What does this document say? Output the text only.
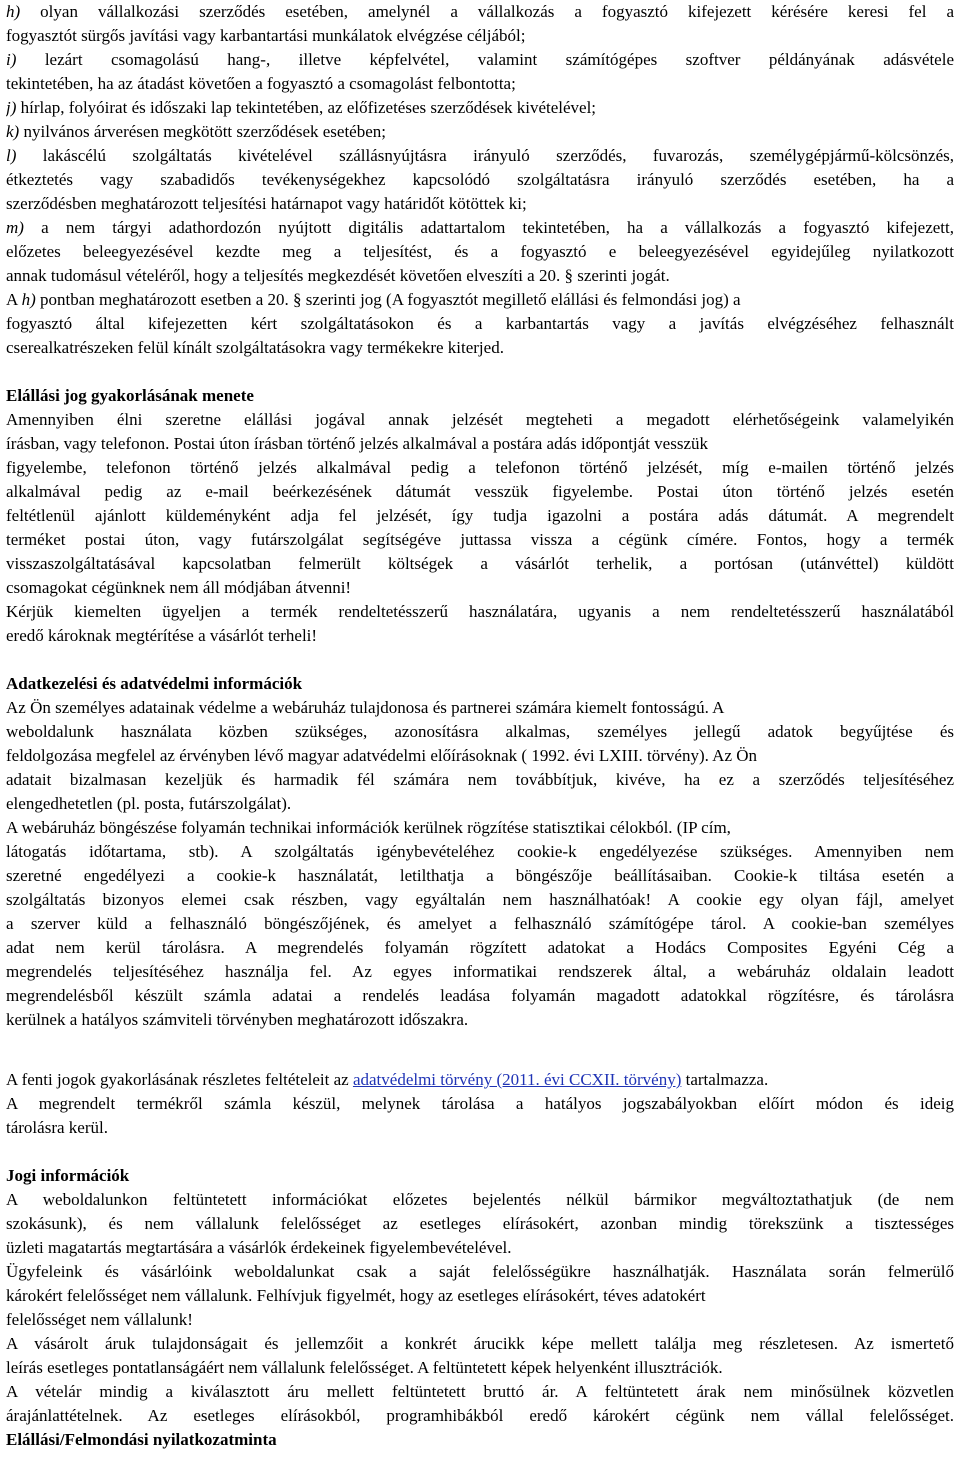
h) olyan vállalkozási szerződés esetében, amelynél a vállalkozás a fogyasztó kifejezett kérésére keresi fel a
fogyasztót sürgős javítási vagy karbantartási munkálatok elvégzése céljából;
i) lezárt csomagolású hang-, illetve képfelvétel, valamint számítógépes szoftver példányának adásvétele
tekintetében, ha az átadást követően a fogyasztó a csomagolást felbontotta;
j) hírlap, folyóirat és időszaki lap tekintetében, az előfizetéses szerződések kivételével;
k) nyilvános árverésen megkötött szerződések esetében;
l) lakáscélú szolgáltatás kivételével szállásnyújtásra irányuló szerződés, fuvarozás, személygépjármű-kölcsönzés,
étkeztetés vagy szabadidős tevékenységekhez kapcsolódó szolgáltatásra irányuló szerződés esetében, ha a
szerződésben meghatározott teljesítési határnapot vagy határidőt kötöttek ki;
m) a nem tárgyi adathordozón nyújtott digitális adattartalom tekintetében, ha a vállalkozás a fogyasztó kifejezett,
előzetes beleegyezésével kezdte meg a teljesítést, és a fogyasztó e beleegyezésével egyidejűleg nyilatkozott
annak tudomásul vételéről, hogy a teljesítés megkezdését követően elveszíti a 20. § szerinti jogát.
A h) pontban meghatározott esetben a 20. § szerinti jog (A fogyasztót megillető elállási és felmondási jog) a
fogyasztó által kifejezetten kért szolgáltatásokon és a karbantartás vagy a javítás elvégzéséhez felhasznált
cserealkatrészeken felül kínált szolgáltatásokra vagy termékekre kiterjed.
Elállási jog gyakorlásának menete
Amennyiben élni szeretne elállási jogával annak jelzését megteheti a megadott elérhetőségeink valamelyikén
írásban, vagy telefonon. Postai úton írásban történő jelzés alkalmával a postára adás időpontját vesszük
figyelembe, telefonon történő jelzés alkalmával pedig a telefonon történő jelzését, míg e-mailen történő jelzés
alkalmával pedig az e-mail beérkezésének dátumát vesszük figyelembe. Postai úton történő jelzés esetén
feltétlenül ajánlott küldeményként adja fel jelzését, így tudja igazolni a postára adás dátumát. A megrendelt
terméket postai úton, vagy futárszolgálat segítségéve juttassa vissza a cégünk címére. Fontos, hogy a termék
visszaszolgáltatásával kapcsolatban felmerült költségek a vásárlót terhelik, a portósan (utánvéttel) küldött
csomagokat cégünknek nem áll módjában átvenni!
Kérjük kiemelten ügyeljen a termék rendeltetésszerű használatára, ugyanis a nem rendeltetésszerű használatából
eredő károknak megtérítése a vásárlót terheli!
Adatkezelési és adatvédelmi információk
Az Ön személyes adatainak védelme a webáruház tulajdonosa és partnerei számára kiemelt fontosságú. A
weboldalunk használata közben szükséges, azonosításra alkalmas, személyes jellegű adatok begyűjtése és
feldolgozása megfelel az érvényben lévő magyar adatvédelmi előírásoknak ( 1992. évi LXIII. törvény). Az Ön
adatait bizalmasan kezeljük és harmadik fél számára nem továbbítjuk, kivéve, ha ez a szerződés teljesítéséhez
elengedhetetlen (pl. posta, futárszolgálat).
A webáruház böngészése folyamán technikai információk kerülnek rögzítése statisztikai célokból. (IP cím,
látogatás időtartama, stb). A szolgáltatás igénybevételéhez cookie-k engedélyezése szükséges. Amennyiben nem
szeretné engedélyezi a cookie-k használatát, letilthatja a böngészője beállításaiban. Cookie-k tiltása esetén a
szolgáltatás bizonyos elemei csak részben, vagy egyáltalán nem használhatóak! A cookie egy olyan fájl, amelyet
a szerver küld a felhasználó böngészőjének, és amelyet a felhasználó számítógépe tárol. A cookie-ban személyes
adat nem kerül tárolásra. A megrendelés folyamán rögzített adatokat a Hodács Composites Egyéni Cég a
megrendelés teljesítéséhez használja fel. Az egyes informatikai rendszerek által, a webáruház oldalain leadott
megrendelésből készült számla adatai a rendelés leadása folyamán magadott adatokkal rögzítésre, és tárolásra
kerülnek a hatályos számviteli törvényben meghatározott időszakra.
A fenti jogok gyakorlásának részletes feltételeit az adatvédelmi törvény (2011. évi CCXII. törvény) tartalmazza.
A megrendelt termékről számla készül, melynek tárolása a hatályos jogszabályokban előírt módon és ideig
tárolásra kerül.
Jogi információk
A weboldalunkon feltüntetett információkat előzetes bejelentés nélkül bármikor megváltoztathatjuk (de nem
szokásunk), és nem vállalunk felelősséget az esetleges elírásokért, azonban mindig törekszünk a tisztességes
üzleti magatartás megtartására a vásárlók érdekeinek figyelembevételével.
Ügyfeleink és vásárlóink weboldalunkat csak a saját felelősségükre használhatják. Használata során felmerülő
károkért felelősséget nem vállalunk. Felhívjuk figyelmét, hogy az esetleges elírásokért, téves adatokért
felelősséget nem vállalunk!
A vásárolt áruk tulajdonságait és jellemzőit a konkrét árucikk képe mellett találja meg részletesen. Az ismertető
leírás esetleges pontatlanságáért nem vállalunk felelősséget. A feltüntetett képek helyenként illusztrációk.
A vételár mindig a kiválasztott áru mellett feltüntetett bruttó ár. A feltüntetett árak nem minősülnek közvetlen
árajánlattételnek. Az esetleges elírásokból, programhibákból eredő károkért cégünk nem vállal felelősséget.
Elállási/Felmondási nyilatkozatminta
